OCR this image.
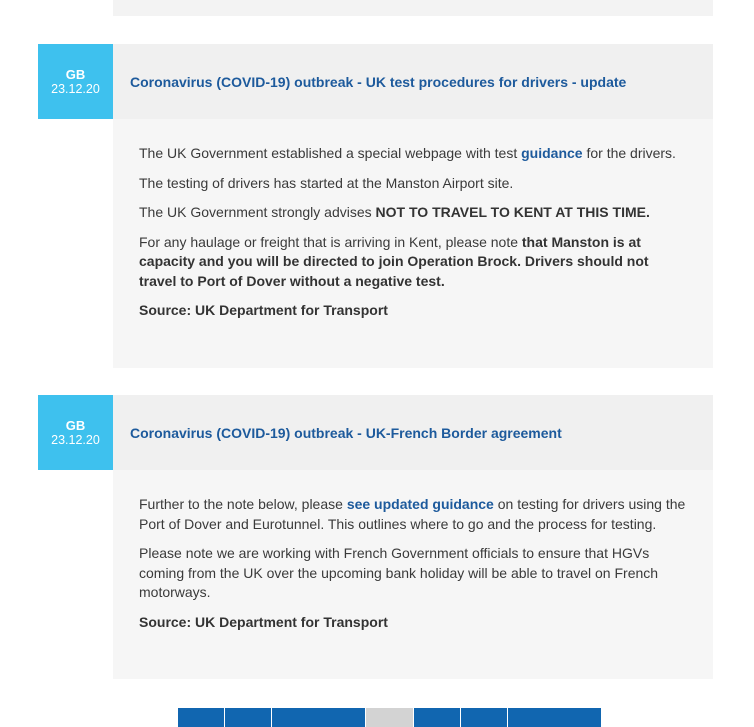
GB
23.12.20 Coronavirus (COVID-19) outbreak - UK test procedures for drivers - update

The UK Government established a special webpage with test guidance for the drivers.

The testing of drivers has started at the Manston Airport site.

The UK Government strongly advises NOT TO TRAVEL TO KENT AT THIS TIME.

For any haulage or freight that is arriving in Kent, please note that Manston is at capacity and you will be directed to join Operation Brock. Drivers should not travel to Port of Dover without a negative test.

Source: UK Department for Transport

GB
23.12.20 Coronavirus (COVID-19) outbreak - UK-French Border agreement

Further to the note below, please see updated guidance on testing for drivers using the Port of Dover and Eurotunnel. This outlines where to go and the process for testing.

Please note we are working with French Government officials to ensure that HGVs coming from the UK over the upcoming bank holiday will be able to travel on French motorways.

Source: UK Department for Transport
